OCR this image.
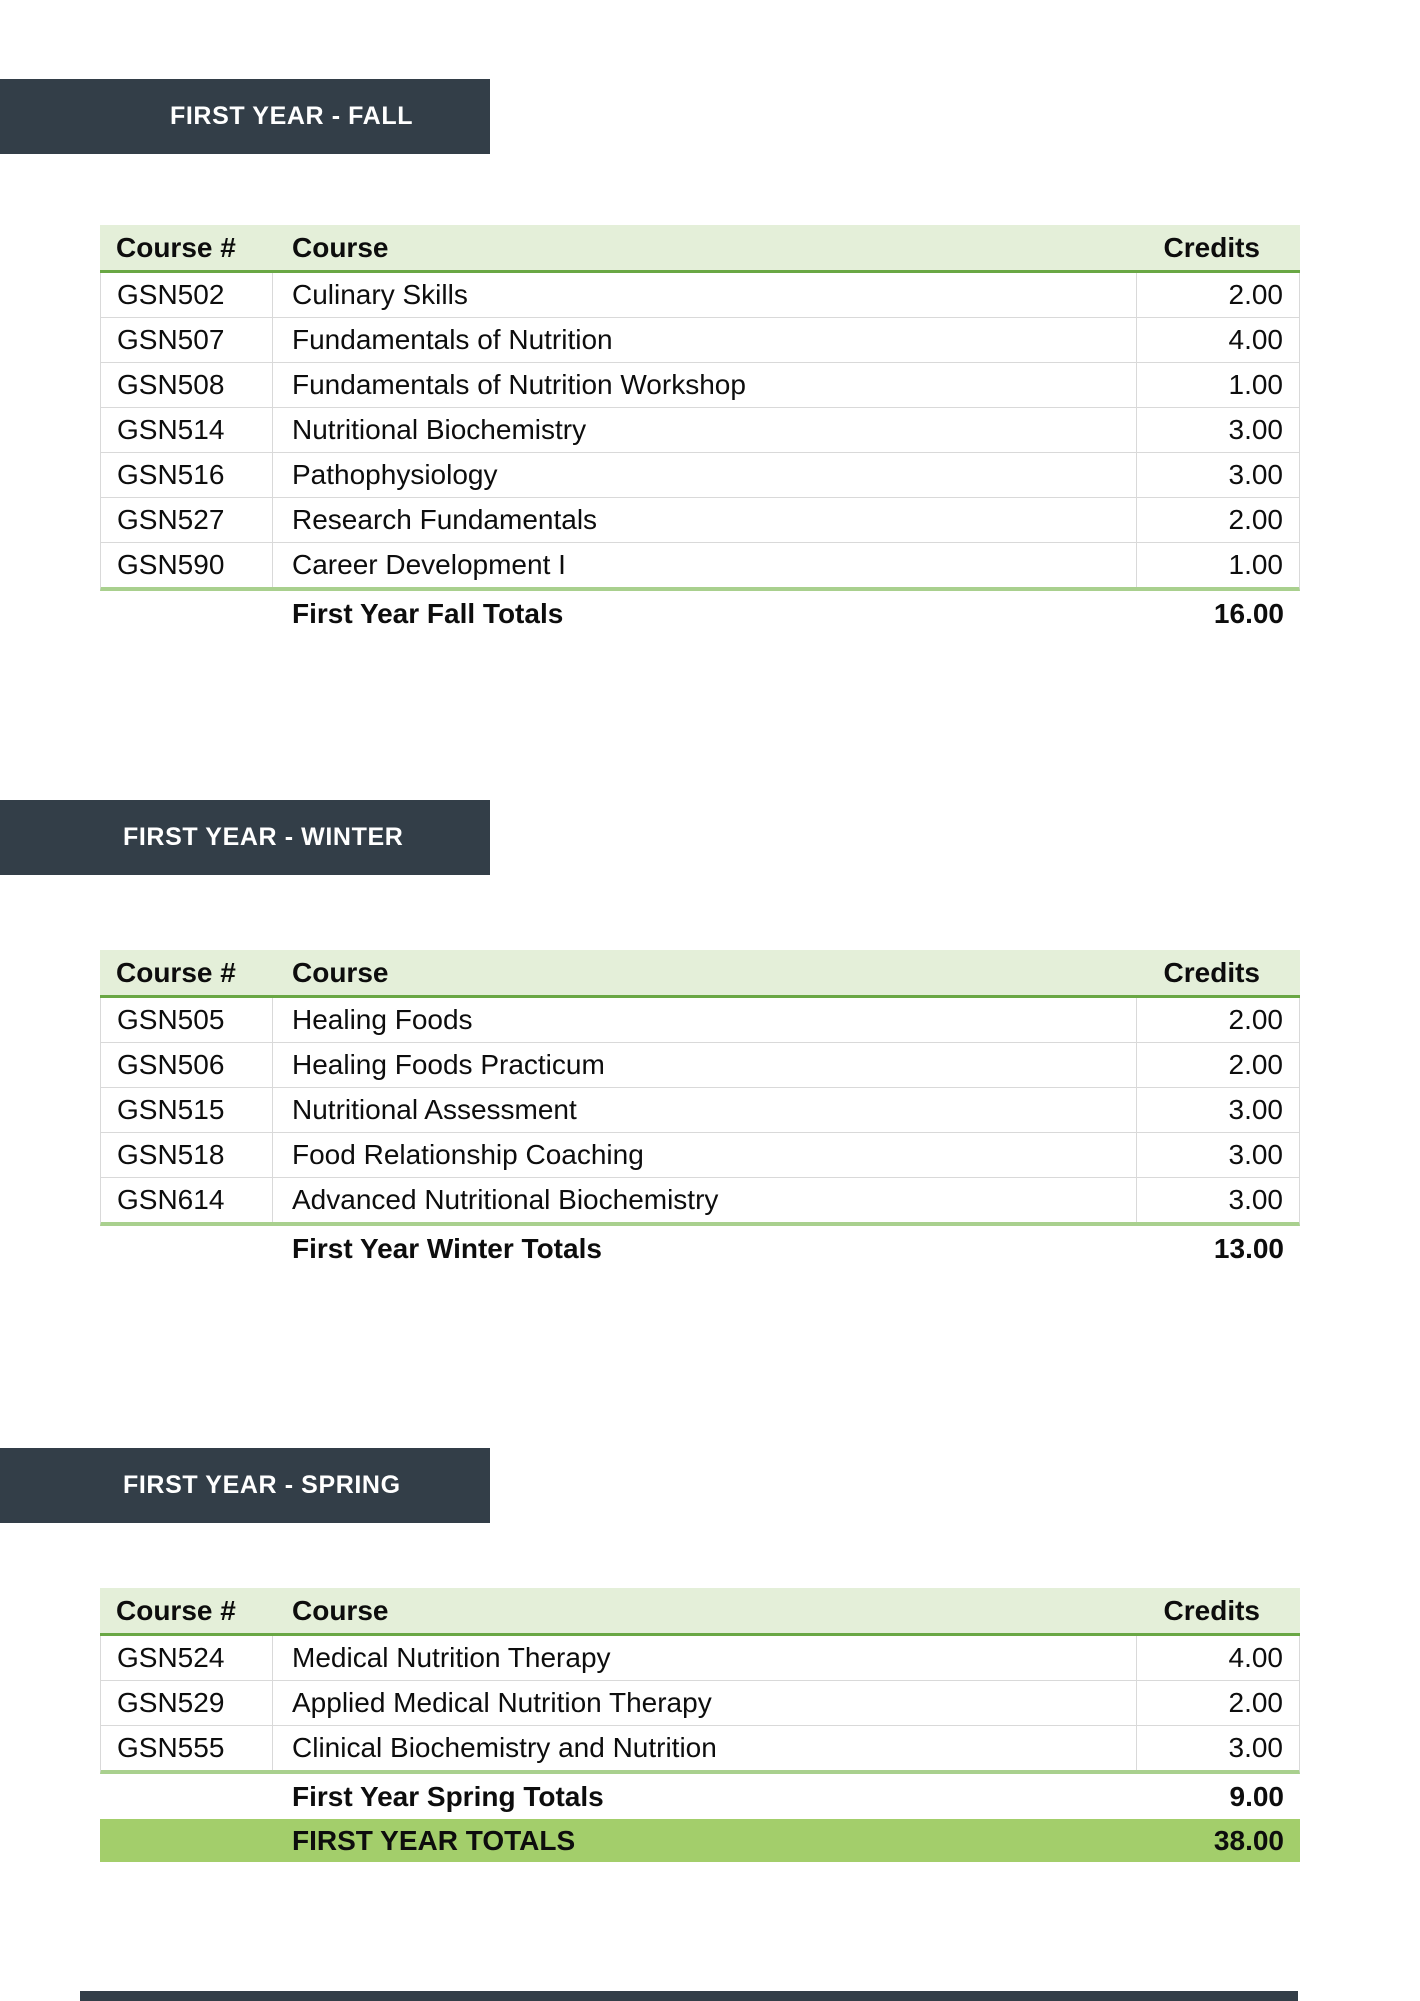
FIRST YEAR - FALL
Course #	Course	Credits
GSN502	Culinary Skills	2.00
GSN507	Fundamentals of Nutrition	4.00
GSN508	Fundamentals of Nutrition Workshop	1.00
GSN514	Nutritional Biochemistry	3.00
GSN516	Pathophysiology	3.00
GSN527	Research Fundamentals	2.00
GSN590	Career Development I	1.00
First Year Fall Totals	16.00
FIRST YEAR - WINTER
Course #	Course	Credits
GSN505	Healing Foods	2.00
GSN506	Healing Foods Practicum	2.00
GSN515	Nutritional Assessment	3.00
GSN518	Food Relationship Coaching	3.00
GSN614	Advanced Nutritional Biochemistry	3.00
First Year Winter Totals	13.00
FIRST YEAR - SPRING
Course #	Course	Credits
GSN524	Medical Nutrition Therapy	4.00
GSN529	Applied Medical Nutrition Therapy	2.00
GSN555	Clinical Biochemistry and Nutrition	3.00
First Year Spring Totals	9.00
FIRST YEAR TOTALS	38.00
